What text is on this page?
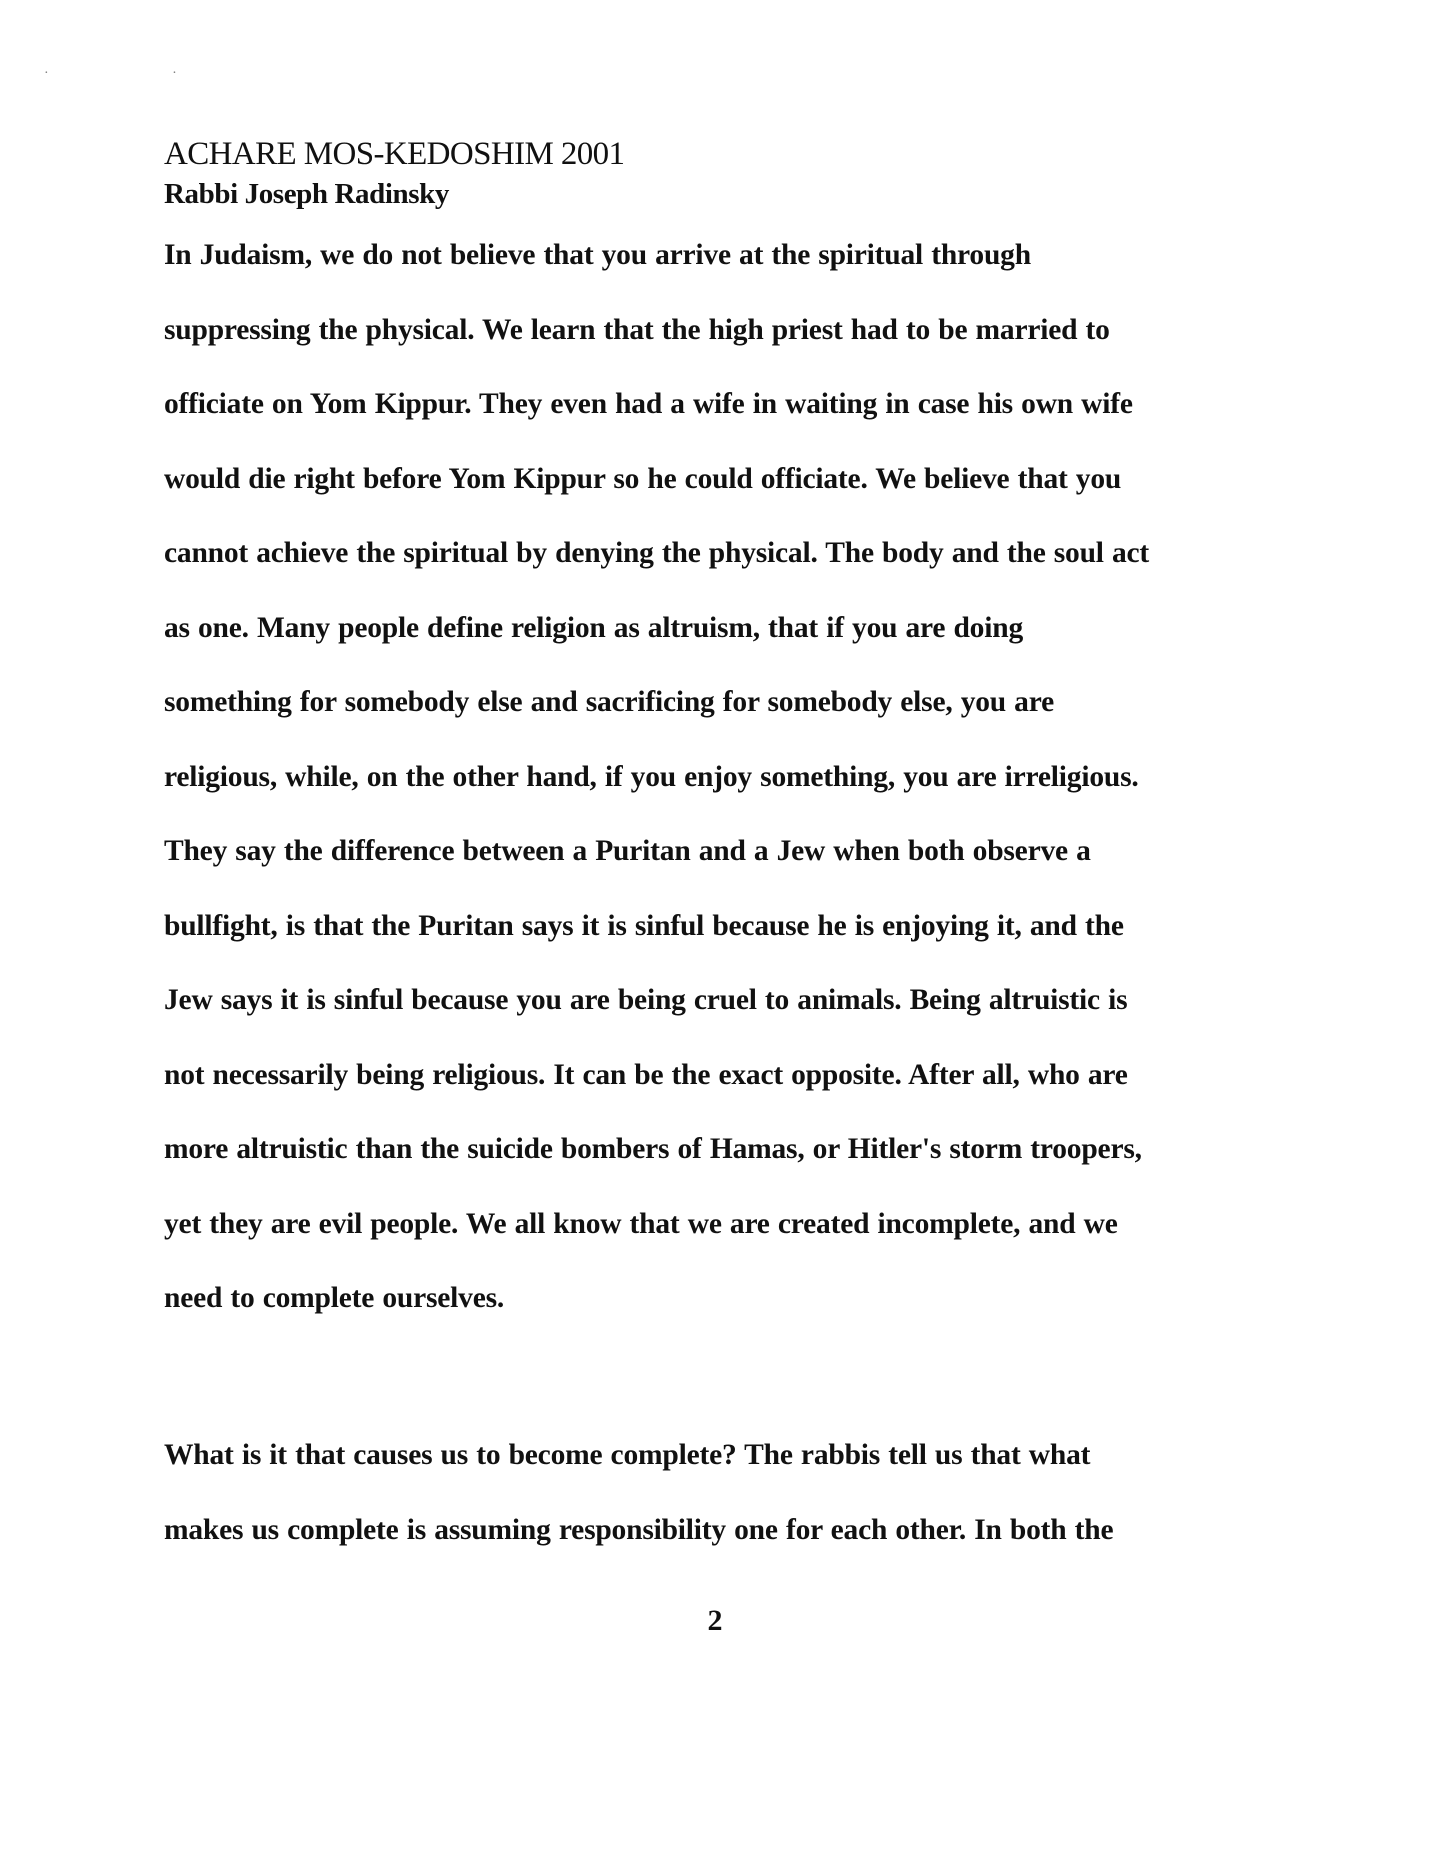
· ·
ACHARE MOS-KEDOSHIM 2001
Rabbi Joseph Radinsky
In Judaism, we do not believe that you arrive at the spiritual through
suppressing the physical. We learn that the high priest had to be married to
officiate on Yom Kippur. They even had a wife in waiting in case his own wife
would die right before Yom Kippur so he could officiate. We believe that you
cannot achieve the spiritual by denying the physical. The body and the soul act
as one. Many people define religion as altruism, that if you are doing
something for somebody else and sacrificing for somebody else, you are
religious, while, on the other hand, if you enjoy something, you are irreligious.
They say the difference between a Puritan and a Jew when both observe a
bullfight, is that the Puritan says it is sinful because he is enjoying it, and the
Jew says it is sinful because you are being cruel to animals. Being altruistic is
not necessarily being religious. It can be the exact opposite. After all, who are
more altruistic than the suicide bombers of Hamas, or Hitler's storm troopers,
yet they are evil people. We all know that we are created incomplete, and we
need to complete ourselves.
What is it that causes us to become complete? The rabbis tell us that what
makes us complete is assuming responsibility one for each other. In both the
2
